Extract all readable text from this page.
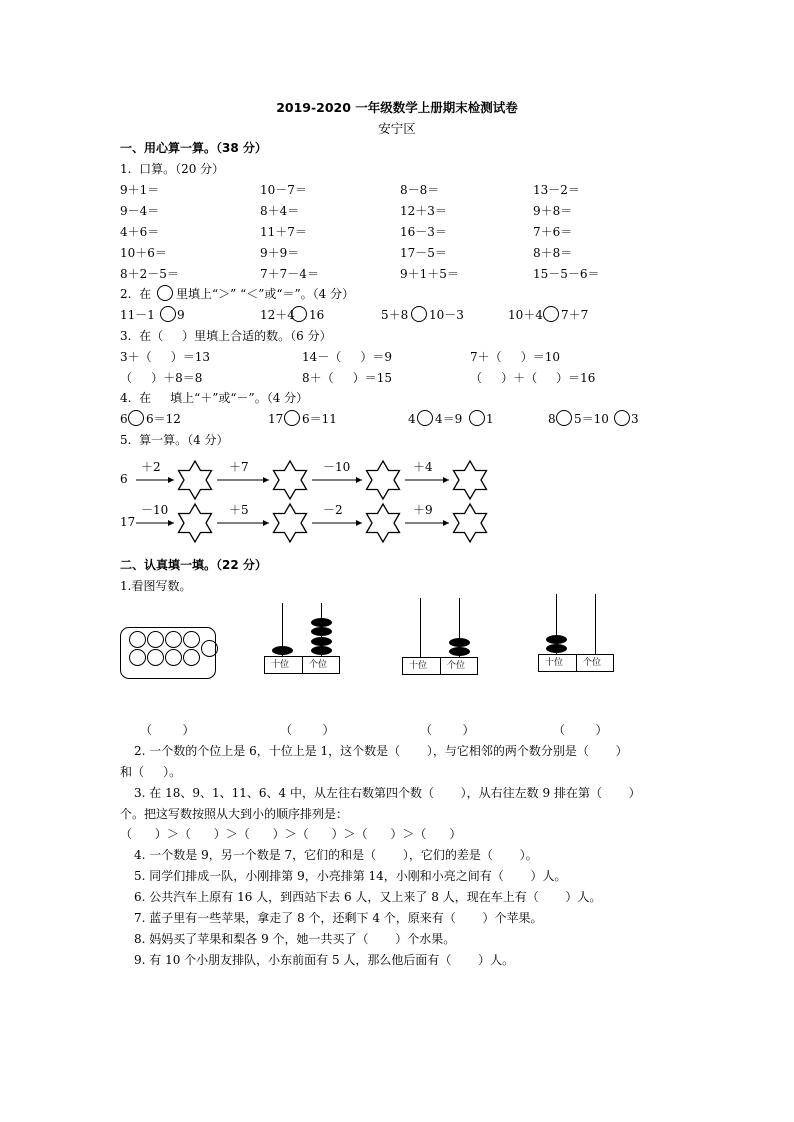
2019-2020 一年级数学上册期末检测试卷
安宁区
一、用心算一算。（38 分）
1.  口算。（20 分）
9＋1＝	10－7＝	8－8＝	13－2＝
9－4＝	8＋4＝	12＋3＝	9＋8＝
4＋6＝	11＋7＝	16－3＝	7＋6＝
10＋6＝	9＋9＝	17－5＝	8＋8＝
8＋2－5＝	7＋7－4＝	9＋1＋5＝	15－5－6＝
2.  在 里填上“＞” “＜”或“＝”。（4 分）
11－1 9	12＋4 16	5＋8 10－3	10＋4 7＋7
3.  在（     ）里填上合适的数。（6 分）
3＋（     ）＝13	14－（     ）＝9	7＋（     ）＝10
（     ）＋8＝8	8＋（     ）＝15	（     ）＋（     ）＝16
4.  在     填上“＋”或“－”。（4 分）
6 6＝12	17 6＝11	4 4＝9 1	8 5＝10 3
5.  算一算。（4 分）
6
＋2	＋7	－10	＋4
17
－10	＋5	－2	＋9
二、认真填一填。（22 分）
1.看图写数。
十位 个位	十位 个位	十位 个位
（        ）	（        ）	（        ）	（        ）
2. 一个数的个位上是 6，十位上是 1，这个数是（       ），与它相邻的两个数分别是（       ）
和（     ）。
3. 在 18、9、1、11、6、4 中，从左往右数第四个数（       ），从右往左数 9 排在第（       ）
个。把这写数按照从大到小的顺序排列是：
（      ）＞（      ）＞（      ）＞（      ）＞（      ）＞（      ）
4. 一个数是 9，另一个数是 7，它们的和是（       ），它们的差是（       ）。
5. 同学们排成一队，小刚排第 9，小亮排第 14，小刚和小亮之间有（       ）人。
6. 公共汽车上原有 16 人，到西站下去 6 人，又上来了 8 人，现在车上有（       ）人。
7. 蓝子里有一些苹果，拿走了 8 个，还剩下 4 个，原来有（       ）个苹果。
8. 妈妈买了苹果和梨各 9 个，她一共买了（       ）个水果。
9. 有 10 个小朋友排队，小东前面有 5 人，那么他后面有（       ）人。
